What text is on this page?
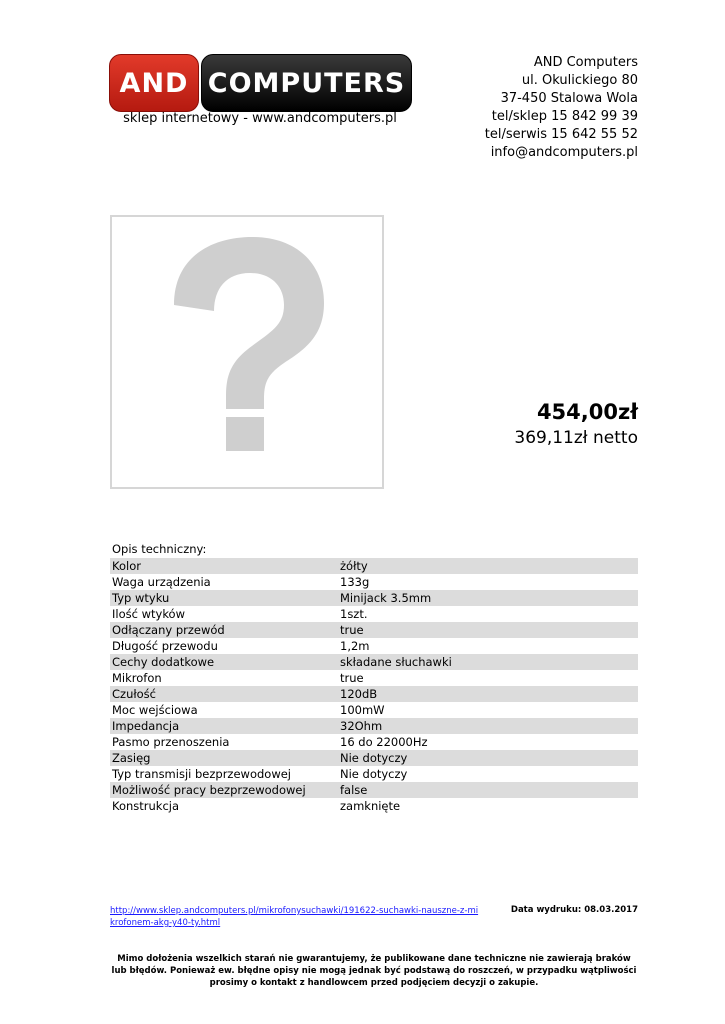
AND COMPUTERS
sklep internetowy - www.andcomputers.pl
AND Computers
ul. Okulickiego 80
37-450 Stalowa Wola
tel/sklep 15 842 99 39
tel/serwis 15 642 55 52
info@andcomputers.pl
454,00zł
369,11zł netto
Opis techniczny:
Kolor	żółty
Waga urządzenia	133g
Typ wtyku	Minijack 3.5mm
Ilość wtyków	1szt.
Odłączany przewód	true
Długość przewodu	1,2m
Cechy dodatkowe	składane słuchawki
Mikrofon	true
Czułość	120dB
Moc wejściowa	100mW
Impedancja	32Ohm
Pasmo przenoszenia	16 do 22000Hz
Zasięg	Nie dotyczy
Typ transmisji bezprzewodowej	Nie dotyczy
Możliwość pracy bezprzewodowej	false
Konstrukcja	zamknięte
http://www.sklep.andcomputers.pl/mikrofonysuchawki/191622-suchawki-nauszne-z-mikrofonem-akg-y40-ty.html
Data wydruku: 08.03.2017
Mimo dołożenia wszelkich starań nie gwarantujemy, że publikowane dane techniczne nie zawierają braków lub błędów. Ponieważ ew. błędne opisy nie mogą jednak być podstawą do roszczeń, w przypadku wątpliwości prosimy o kontakt z handlowcem przed podjęciem decyzji o zakupie.
